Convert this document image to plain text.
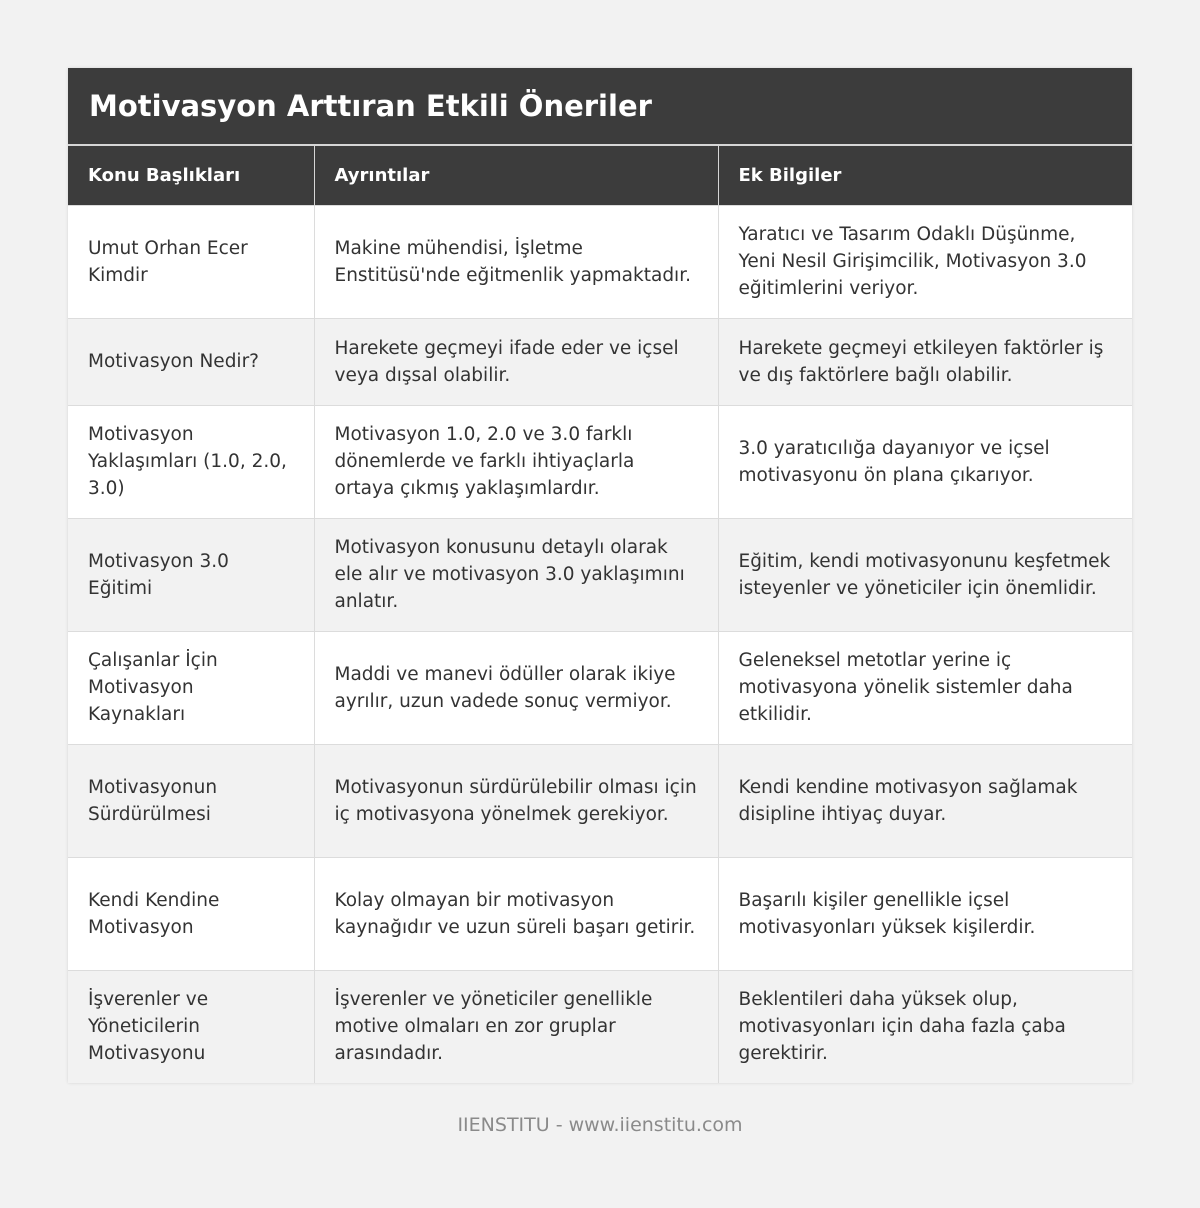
Motivasyon Arttıran Etkili Öneriler
Konu Başlıkları	Ayrıntılar	Ek Bilgiler
Umut Orhan Ecer Kimdir	Makine mühendisi, İşletme Enstitüsü'nde eğitmenlik yapmaktadır.	Yaratıcı ve Tasarım Odaklı Düşünme, Yeni Nesil Girişimcilik, Motivasyon 3.0 eğitimlerini veriyor.
Motivasyon Nedir?	Harekete geçmeyi ifade eder ve içsel veya dışsal olabilir.	Harekete geçmeyi etkileyen faktörler iş ve dış faktörlere bağlı olabilir.
Motivasyon Yaklaşımları (1.0, 2.0, 3.0)	Motivasyon 1.0, 2.0 ve 3.0 farklı dönemlerde ve farklı ihtiyaçlarla ortaya çıkmış yaklaşımlardır.	3.0 yaratıcılığa dayanıyor ve içsel motivasyonu ön plana çıkarıyor.
Motivasyon 3.0 Eğitimi	Motivasyon konusunu detaylı olarak ele alır ve motivasyon 3.0 yaklaşımını anlatır.	Eğitim, kendi motivasyonunu keşfetmek isteyenler ve yöneticiler için önemlidir.
Çalışanlar İçin Motivasyon Kaynakları	Maddi ve manevi ödüller olarak ikiye ayrılır, uzun vadede sonuç vermiyor.	Geleneksel metotlar yerine iç motivasyona yönelik sistemler daha etkilidir.
Motivasyonun Sürdürülmesi	Motivasyonun sürdürülebilir olması için iç motivasyona yönelmek gerekiyor.	Kendi kendine motivasyon sağlamak disipline ihtiyaç duyar.
Kendi Kendine Motivasyon	Kolay olmayan bir motivasyon kaynağıdır ve uzun süreli başarı getirir.	Başarılı kişiler genellikle içsel motivasyonları yüksek kişilerdir.
İşverenler ve Yöneticilerin Motivasyonu	İşverenler ve yöneticiler genellikle motive olmaları en zor gruplar arasındadır.	Beklentileri daha yüksek olup, motivasyonları için daha fazla çaba gerektirir.
IIENSTITU - www.iienstitu.com
